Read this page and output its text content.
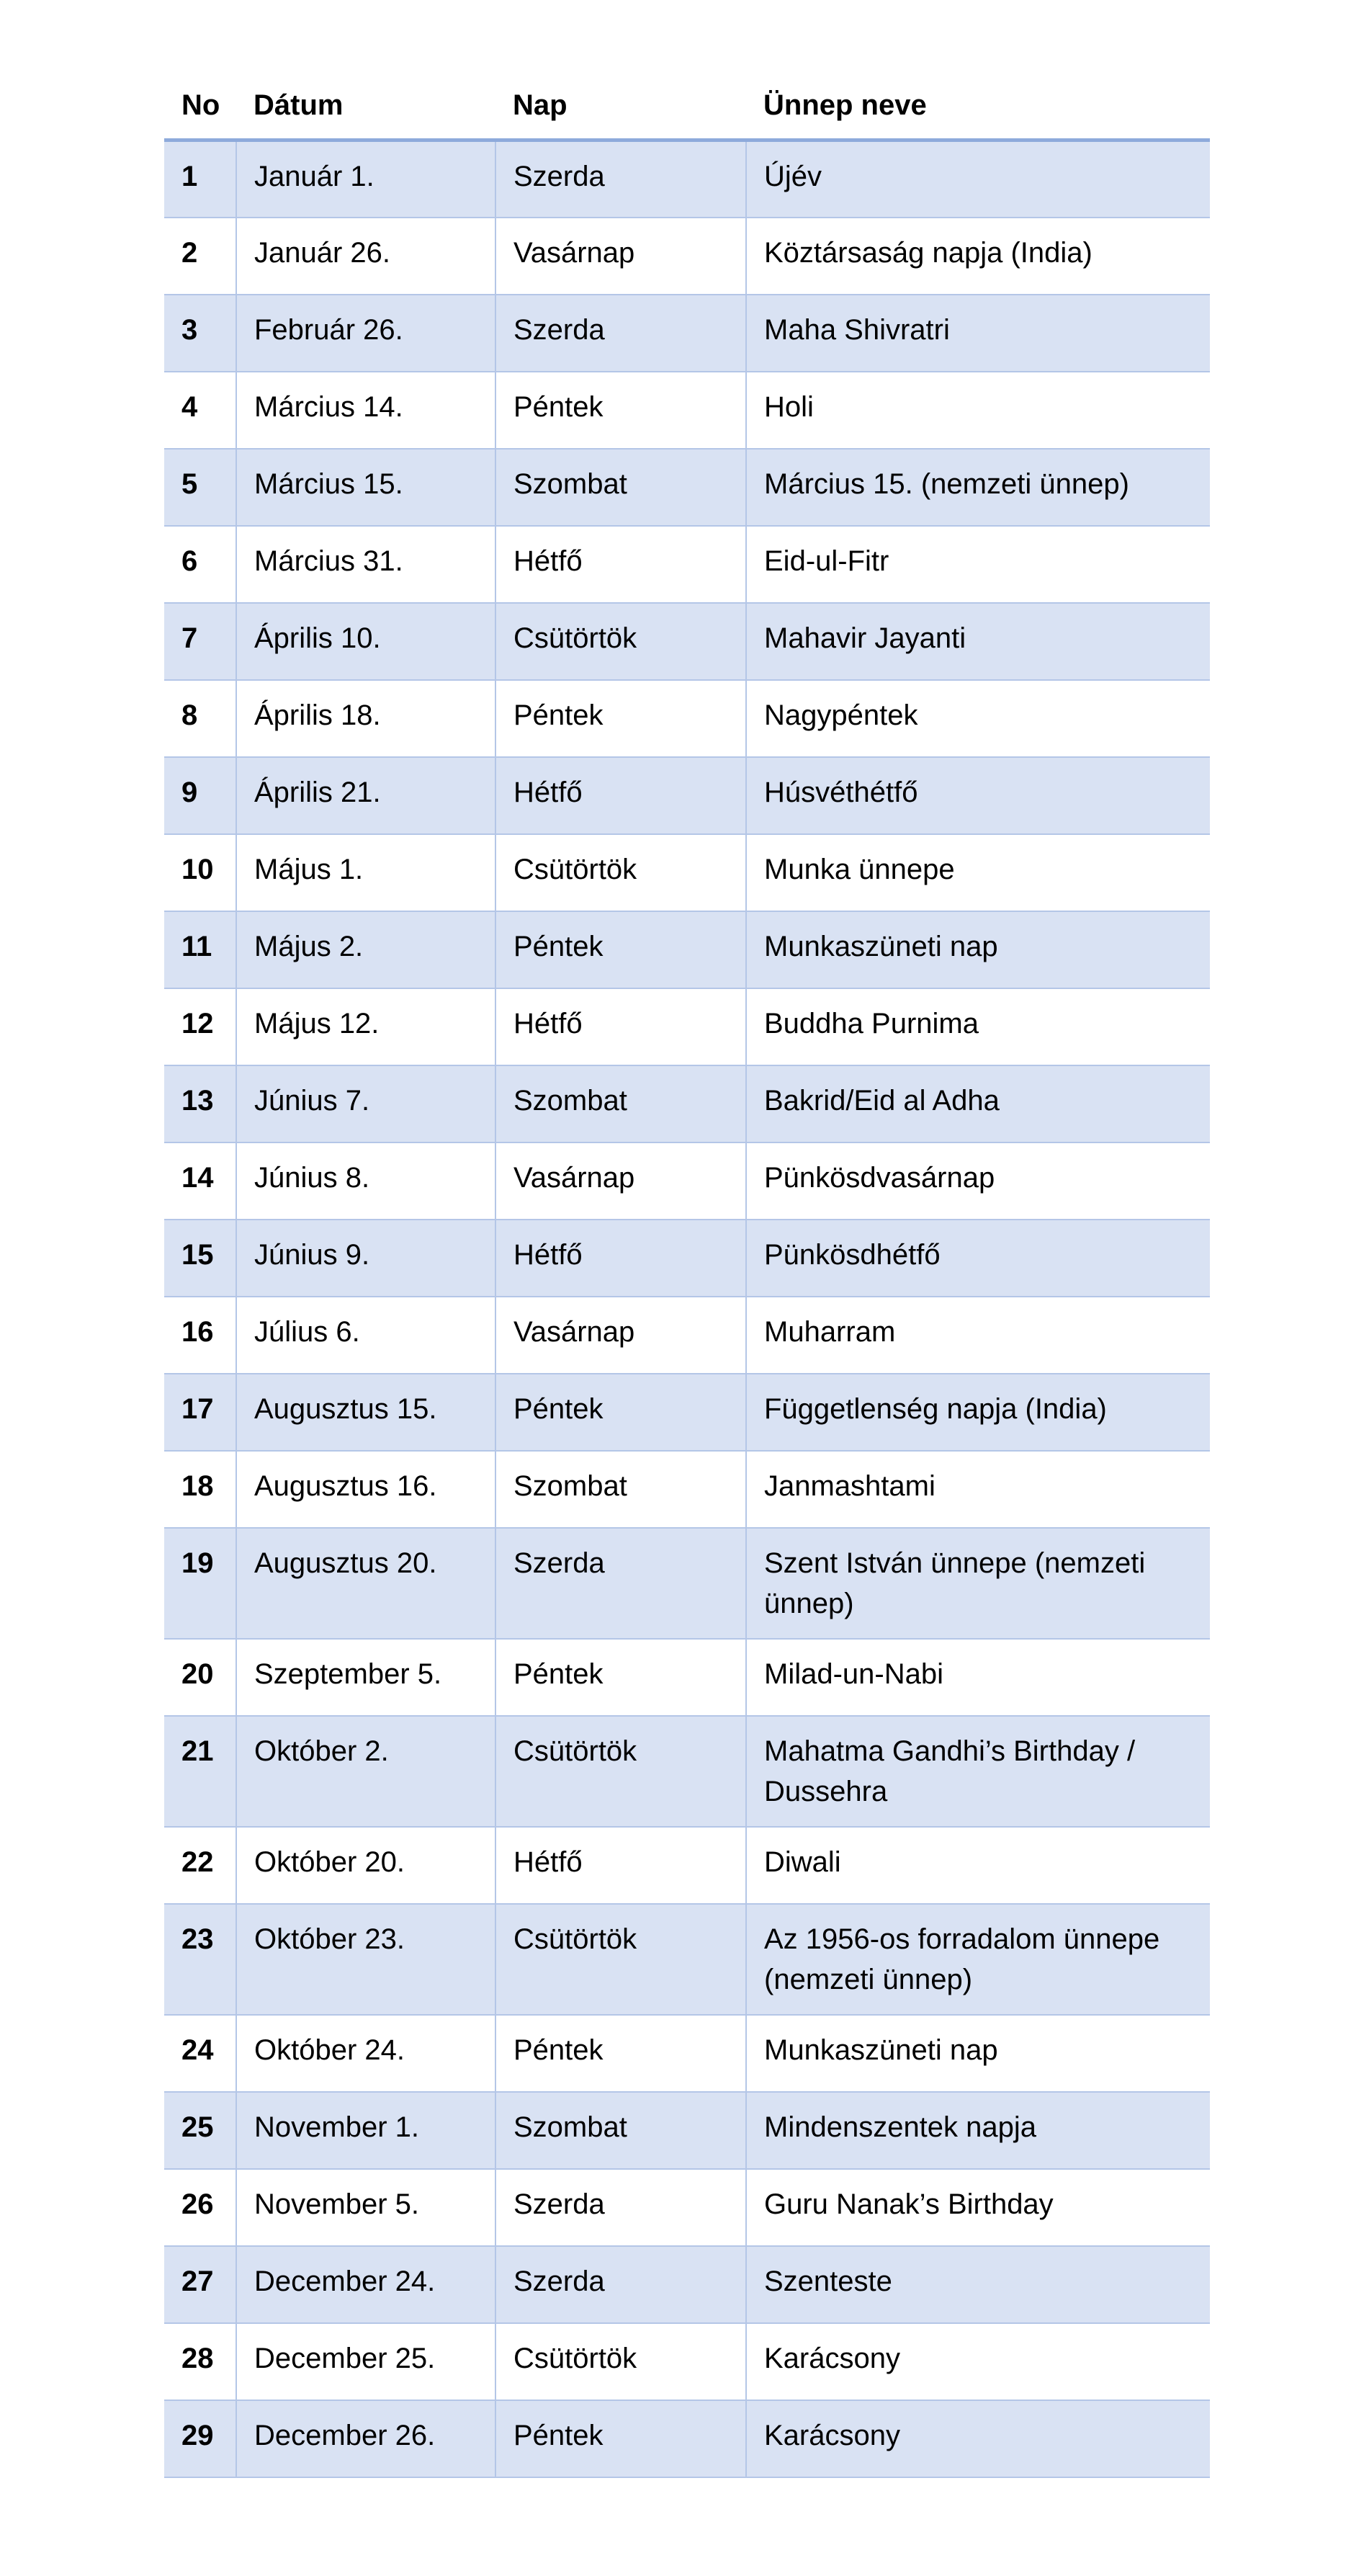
No	Dátum	Nap	Ünnep neve
1	Január 1.	Szerda	Újév
2	Január 26.	Vasárnap	Köztársaság napja (India)
3	Február 26.	Szerda	Maha Shivratri
4	Március 14.	Péntek	Holi
5	Március 15.	Szombat	Március 15. (nemzeti ünnep)
6	Március 31.	Hétfő	Eid-ul-Fitr
7	Április 10.	Csütörtök	Mahavir Jayanti
8	Április 18.	Péntek	Nagypéntek
9	Április 21.	Hétfő	Húsvéthétfő
10	Május 1.	Csütörtök	Munka ünnepe
11	Május 2.	Péntek	Munkaszüneti nap
12	Május 12.	Hétfő	Buddha Purnima
13	Június 7.	Szombat	Bakrid/Eid al Adha
14	Június 8.	Vasárnap	Pünkösdvasárnap
15	Június 9.	Hétfő	Pünkösdhétfő
16	Július 6.	Vasárnap	Muharram
17	Augusztus 15.	Péntek	Függetlenség napja (India)
18	Augusztus 16.	Szombat	Janmashtami
19	Augusztus 20.	Szerda	Szent István ünnepe (nemzeti ünnep)
20	Szeptember 5.	Péntek	Milad-un-Nabi
21	Október 2.	Csütörtök	Mahatma Gandhi’s Birthday / Dussehra
22	Október 20.	Hétfő	Diwali
23	Október 23.	Csütörtök	Az 1956-os forradalom ünnepe (nemzeti ünnep)
24	Október 24.	Péntek	Munkaszüneti nap
25	November 1.	Szombat	Mindenszentek napja
26	November 5.	Szerda	Guru Nanak’s Birthday
27	December 24.	Szerda	Szenteste
28	December 25.	Csütörtök	Karácsony
29	December 26.	Péntek	Karácsony
